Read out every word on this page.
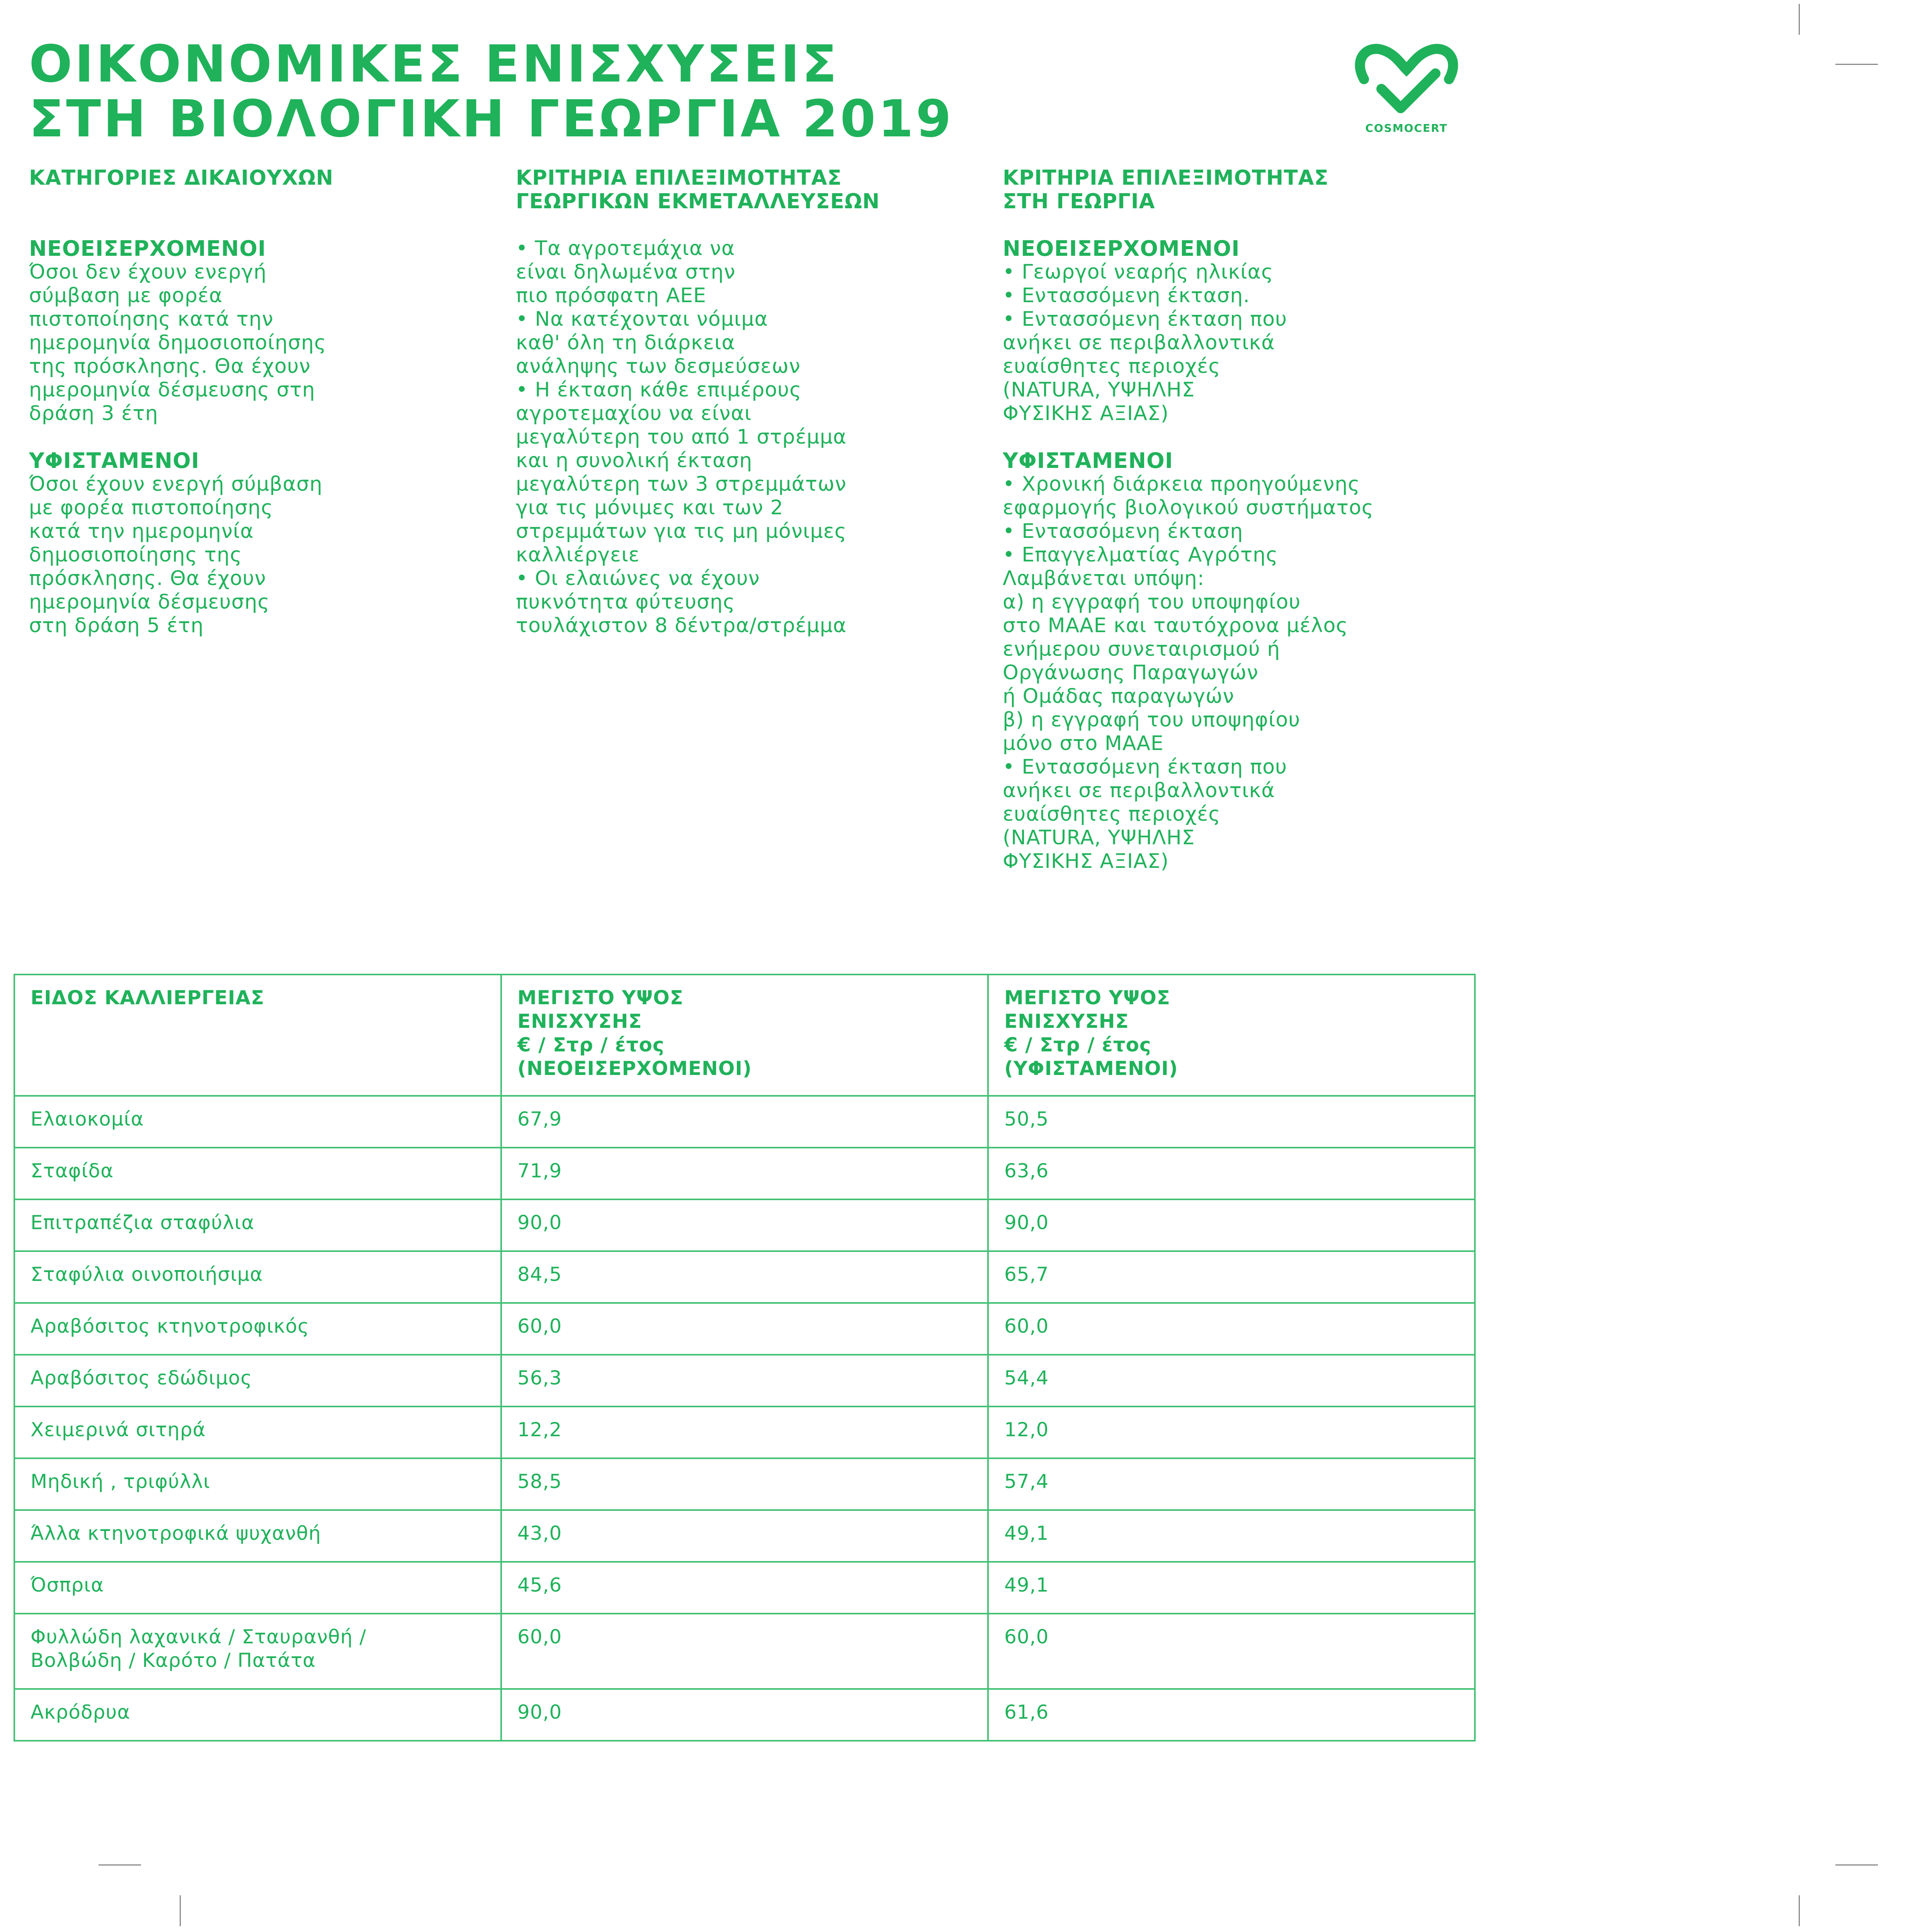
ΟΙΚΟΝΟΜΙΚΕΣ ΕΝΙΣΧΥΣΕΙΣ
ΣΤΗ ΒΙΟΛΟΓΙΚΗ ΓΕΩΡΓΙΑ 2019	COSMOCERT
ΚΑΤΗΓΟΡΙΕΣ ΔΙΚΑΙΟΥΧΩΝ
ΝΕΟΕΙΣΕΡΧΟΜΕΝΟΙ
Όσοι δεν έχουν ενεργή
σύμβαση με φορέα
πιστοποίησης κατά την
ημερομηνία δημοσιοποίησης
της πρόσκλησης. Θα έχουν
ημερομηνία δέσμευσης στη
δράση 3 έτη
ΥΦΙΣΤΑΜΕΝΟΙ
Όσοι έχουν ενεργή σύμβαση
με φορέα πιστοποίησης
κατά την ημερομηνία
δημοσιοποίησης της
πρόσκλησης. Θα έχουν
ημερομηνία δέσμευσης
στη δράση 5 έτη
ΚΡΙΤΗΡΙΑ ΕΠΙΛΕΞΙΜΟΤΗΤΑΣ
ΓΕΩΡΓΙΚΩΝ ΕΚΜΕΤΑΛΛΕΥΣΕΩΝ
• Τα αγροτεμάχια να
είναι δηλωμένα στην
πιο πρόσφατη ΑΕΕ
• Να κατέχονται νόμιμα
καθ' όλη τη διάρκεια
ανάληψης των δεσμεύσεων
• Η έκταση κάθε επιμέρους
αγροτεμαχίου να είναι
μεγαλύτερη του από 1 στρέμμα
και η συνολική έκταση
μεγαλύτερη των 3 στρεμμάτων
για τις μόνιμες και των 2
στρεμμάτων για τις μη μόνιμες
καλλιέργειε
• Οι ελαιώνες να έχουν
πυκνότητα φύτευσης
τουλάχιστον 8 δέντρα/στρέμμα
ΚΡΙΤΗΡΙΑ ΕΠΙΛΕΞΙΜΟΤΗΤΑΣ
ΣΤΗ ΓΕΩΡΓΙΑ
ΝΕΟΕΙΣΕΡΧΟΜΕΝΟΙ
• Γεωργοί νεαρής ηλικίας
• Εντασσόμενη έκταση.
• Εντασσόμενη έκταση που
ανήκει σε περιβαλλοντικά
ευαίσθητες περιοχές
(NATURA, ΥΨΗΛΗΣ
ΦΥΣΙΚΗΣ ΑΞΙΑΣ)
ΥΦΙΣΤΑΜΕΝΟΙ
• Χρονική διάρκεια προηγούμενης
εφαρμογής βιολογικού συστήματος
• Εντασσόμενη έκταση
• Επαγγελματίας Αγρότης
Λαμβάνεται υπόψη:
α) η εγγραφή του υποψηφίου
στο ΜΑΑΕ και ταυτόχρονα μέλος
ενήμερου συνεταιρισμού ή
Οργάνωσης Παραγωγών
ή Ομάδας παραγωγών
β) η εγγραφή του υποψηφίου
μόνο στο ΜΑΑΕ
• Εντασσόμενη έκταση που
ανήκει σε περιβαλλοντικά
ευαίσθητες περιοχές
(NATURA, ΥΨΗΛΗΣ
ΦΥΣΙΚΗΣ ΑΞΙΑΣ)
ΕΙΔΟΣ ΚΑΛΛΙΕΡΓΕΙΑΣ	ΜΕΓΙΣΤΟ ΥΨΟΣ
ΕΝΙΣΧΥΣΗΣ
€ / Στρ / έτος
(ΝΕΟΕΙΣΕΡΧΟΜΕΝΟΙ)	ΜΕΓΙΣΤΟ ΥΨΟΣ
ΕΝΙΣΧΥΣΗΣ
€ / Στρ / έτος
(ΥΦΙΣΤΑΜΕΝΟΙ)
Ελαιοκομία	67,9	50,5
Σταφίδα	71,9	63,6
Επιτραπέζια σταφύλια	90,0	90,0
Σταφύλια οινοποιήσιμα	84,5	65,7
Αραβόσιτος κτηνοτροφικός	60,0	60,0
Αραβόσιτος εδώδιμος	56,3	54,4
Χειμερινά σιτηρά	12,2	12,0
Μηδική , τριφύλλι	58,5	57,4
Άλλα κτηνοτροφικά ψυχανθή	43,0	49,1
Όσπρια	45,6	49,1
Φυλλώδη λαχανικά / Σταυρανθή /
Βολβώδη / Καρότο / Πατάτα	60,0	60,0
Ακρόδρυα	90,0	61,6
